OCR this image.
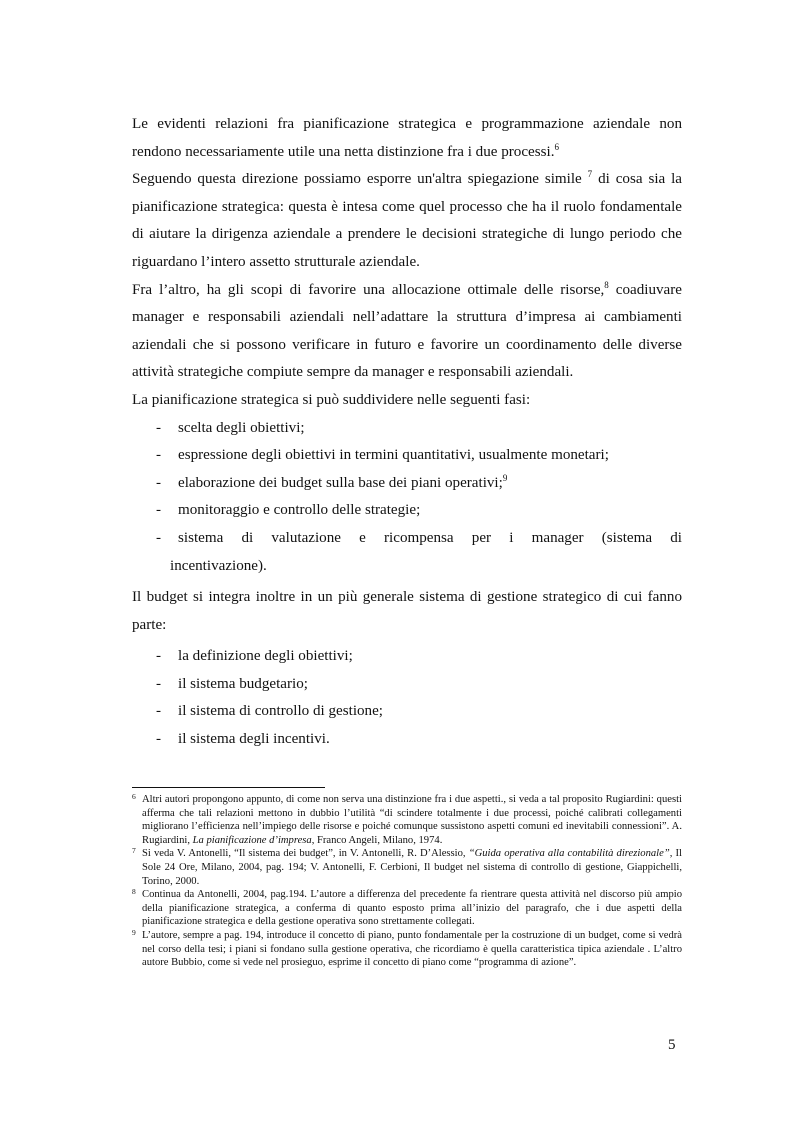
Le evidenti relazioni fra pianificazione strategica e programmazione aziendale non rendono necessariamente utile una netta distinzione fra i due processi.$^6$

Seguendo questa direzione possiamo esporre un'altra spiegazione simile $^7$ di cosa sia la pianificazione strategica: questa è intesa come quel processo che ha il ruolo fondamentale di aiutare la dirigenza aziendale a prendere le decisioni strategiche di lungo periodo che riguardano l’intero assetto strutturale aziendale.

Fra l’altro, ha gli scopi di favorire una allocazione ottimale delle risorse,$^8$ coadiuvare manager e responsabili aziendali nell’adattare la struttura d’impresa ai cambiamenti aziendali che si possono verificare in futuro e favorire un coordinamento delle diverse attività strategiche compiute sempre da manager e responsabili aziendali.

La pianificazione strategica si può suddividere nelle seguenti fasi:

- scelta degli obiettivi;
- espressione degli obiettivi in termini quantitativi, usualmente monetari;
- elaborazione dei budget sulla base dei piani operativi;$^9$
- monitoraggio e controllo delle strategie;
- sistema di valutazione e ricompensa per i manager (sistema di
incentivazione).

Il budget si integra inoltre in un più generale sistema di gestione strategico di cui fanno parte:

- la definizione degli obiettivi;
- il sistema budgetario;
- il sistema di controllo di gestione;
- il sistema degli incentivi.

6 Altri autori propongono appunto, di come non serva una distinzione fra i due aspetti., si veda a tal proposito Rugiardini: questi afferma che tali relazioni mettono in dubbio l’utilità “di scindere totalmente i due processi, poiché calibrati collegamenti migliorano l’efficienza nell’impiego delle risorse e poiché comunque sussistono aspetti comuni ed inevitabili connessioni”. A. Rugiardini, La pianificazione d’impresa, Franco Angeli, Milano, 1974.

7 Si veda V. Antonelli, “Il sistema dei budget”, in V. Antonelli, R. D’Alessio, “Guida operativa alla contabilità direzionale”, Il Sole 24 Ore, Milano, 2004, pag. 194; V. Antonelli, F. Cerbioni, Il budget nel sistema di controllo di gestione, Giappichelli, Torino, 2000.

8 Continua da Antonelli, 2004, pag.194. L’autore a differenza del precedente fa rientrare questa attività nel discorso più ampio della pianificazione strategica, a conferma di quanto esposto prima all’inizio del paragrafo, che i due aspetti della pianificazione strategica e della gestione operativa sono strettamente collegati.

9 L’autore, sempre a pag. 194, introduce il concetto di piano, punto fondamentale per la costruzione di un budget, come si vedrà nel corso della tesi; i piani si fondano sulla gestione operativa, che ricordiamo è quella caratteristica tipica aziendale . L’altro autore Bubbio, come si vede nel prosieguo, esprime il concetto di piano come “programma di azione”.

5
